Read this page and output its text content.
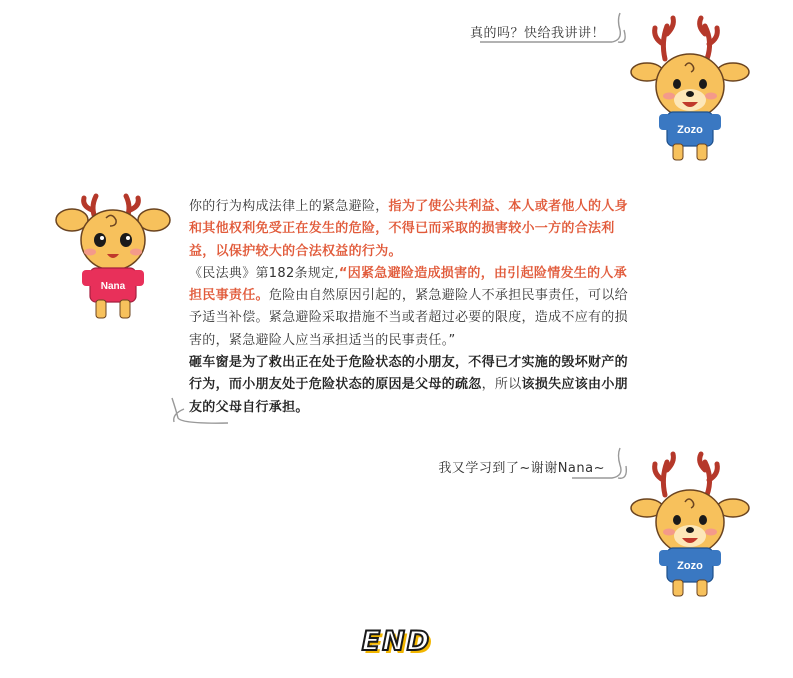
真的吗？快给我讲讲！
Zozo
Nana
你的行为构成法律上的紧急避险，指为了使公共利益、本人或者他人的人身和其他权利免受正在发生的危险，不得已而采取的损害较小一方的合法利益，以保护较大的合法权益的行为。
《民法典》第182条规定,“因紧急避险造成损害的，由引起险情发生的人承担民事责任。危险由自然原因引起的，紧急避险人不承担民事责任，可以给予适当补偿。紧急避险采取措施不当或者超过必要的限度，造成不应有的损害的，紧急避险人应当承担适当的民事责任。”
砸车窗是为了救出正在处于危险状态的小朋友，不得已才实施的毁坏财产的行为，而小朋友处于危险状态的原因是父母的疏忽，所以该损失应该由小朋友的父母自行承担。
我又学习到了~谢谢Nana~
Zozo
END
